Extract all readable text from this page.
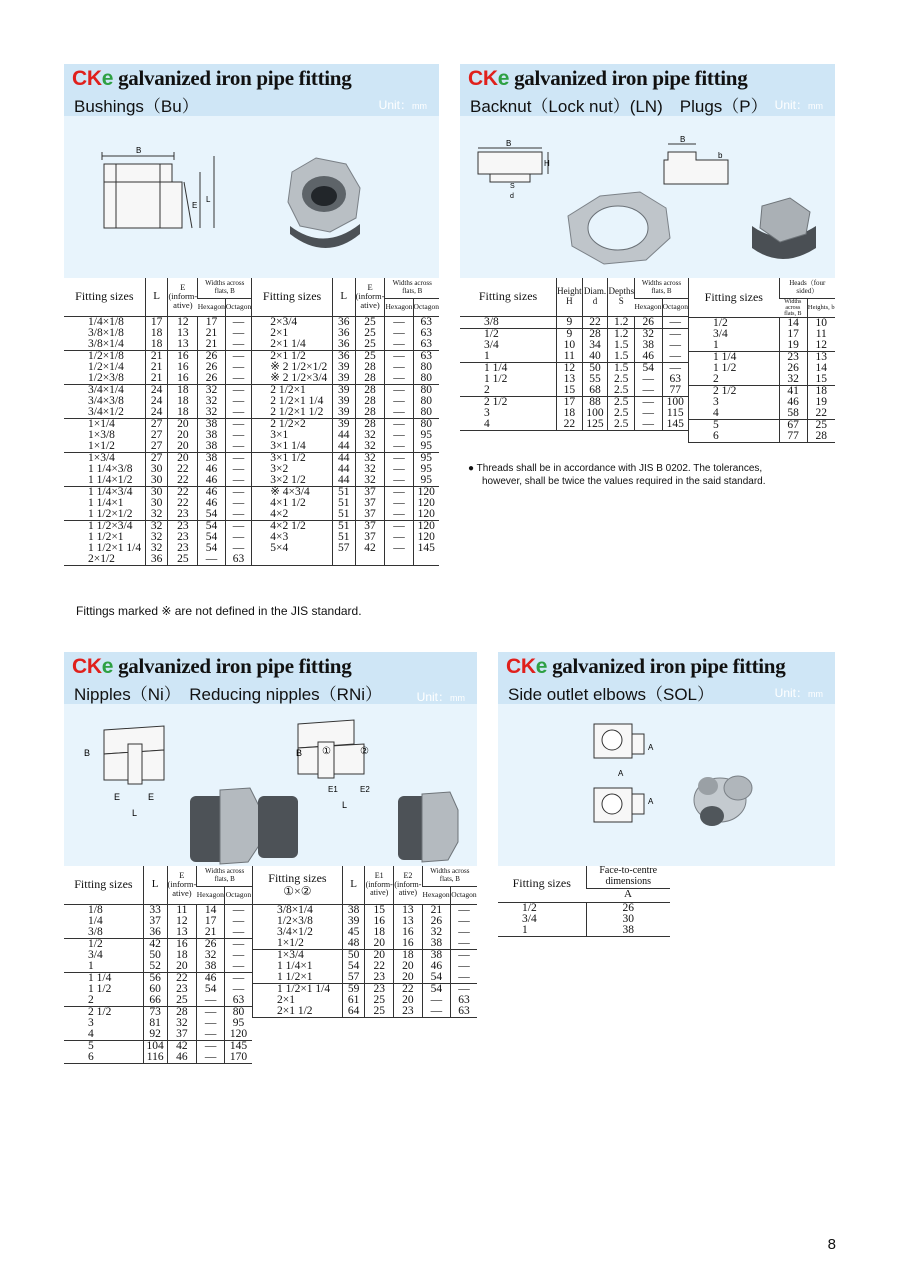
CKe galvanized iron pipe fitting
Bushings（Bu）	Unit：mm
B
E
L
Fitting sizes	L	E (inform-ative)	Widths across flats, B		Fitting sizes	L	E (inform-ative)	Widths across flats, B	
			Hexagon	Octagon				Hexagon	Octagon
1/4×1/8	17	12	17	—	2×3/4	36	25	—	63
3/8×1/8	18	13	21	—	2×1	36	25	—	63
3/8×1/4	18	13	21	—	2×1 1/4	36	25	—	63
1/2×1/8	21	16	26	—	2×1 1/2	36	25	—	63
1/2×1/4	21	16	26	—	※ 2 1/2×1/2	39	28	—	80
1/2×3/8	21	16	26	—	※ 2 1/2×3/4	39	28	—	80
3/4×1/4	24	18	32	—	2 1/2×1	39	28	—	80
3/4×3/8	24	18	32	—	2 1/2×1 1/4	39	28	—	80
3/4×1/2	24	18	32	—	2 1/2×1 1/2	39	28	—	80
1×1/4	27	20	38	—	2 1/2×2	39	28	—	80
1×3/8	27	20	38	—	3×1	44	32	—	95
1×1/2	27	20	38	—	3×1 1/4	44	32	—	95
1×3/4	27	20	38	—	3×1 1/2	44	32	—	95
1 1/4×3/8	30	22	46	—	3×2	44	32	—	95
1 1/4×1/2	30	22	46	—	3×2 1/2	44	32	—	95
1 1/4×3/4	30	22	46	—	※ 4×3/4	51	37	—	120
1 1/4×1	30	22	46	—	4×1 1/2	51	37	—	120
1 1/2×1/2	32	23	54	—	4×2	51	37	—	120
1 1/2×3/4	32	23	54	—	4×2 1/2	51	37	—	120
1 1/2×1	32	23	54	—	4×3	51	37	—	120
1 1/2×1 1/4	32	23	54	—	5×4	57	42	—	145
2×1/2	36	25	—	63					
Fittings marked ※ are not defined in the JIS standard.
CKe galvanized iron pipe fitting
Backnut（Lock nut）(LN)　Plugs（P） Unit：mm
B
H
S
d
B
b
Fitting sizes	Height H	Diam. d	Depths S	Widths across flats, B	
				Hexagon	Octagon
3/8	9	22	1.2	26	—
1/2	9	28	1.2	32	—
3/4	10	34	1.5	38	—
1	11	40	1.5	46	—
1 1/4	12	50	1.5	54	—
1 1/2	13	55	2.5	—	63
2	15	68	2.5	—	77
2 1/2	17	88	2.5	—	100
3	18	100	2.5	—	115
4	22	125	2.5	—	145
Fitting sizes	Heads（four sided）	
	Widths across flats, B	Heights, b
1/2	14	10
3/4	17	11
1	19	12
1 1/4	23	13
1 1/2	26	14
2	32	15
2 1/2	41	18
3	46	19
4	58	22
5	67	25
6	77	28
● Threads shall be in accordance with JIS B 0202. The tolerances,
however, shall be twice the values required in the said standard.
CKe galvanized iron pipe fitting
Nipples（Ni）　Reducing nipples（RNi）	Unit：mm
B
E	E
L
B ①	②
E1	E2
L
Fitting sizes	L	E (inform-ative)	Widths across flats, B	
			Hexagon	Octagon
1/8	33	11	14	—
1/4	37	12	17	—
3/8	36	13	21	—
1/2	42	16	26	—
3/4	50	18	32	—
1	52	20	38	—
1 1/4	56	22	46	—
1 1/2	60	23	54	—
2	66	25	—	63
2 1/2	73	28	—	80
3	81	32	—	95
4	92	37	—	120
5	104	42	—	145
6	116	46	—	170
Fitting sizes ①×②	L	E1 (inform-ative)	E2 (inform-ative)	Widths across flats, B	
				Hexagon	Octagon
3/8×1/4	38	15	13	21	—
1/2×3/8	39	16	13	26	—
3/4×1/2	45	18	16	32	—
1×1/2	48	20	16	38	—
1×3/4	50	20	18	38	—
1 1/4×1	54	22	20	46	—
1 1/2×1	57	23	20	54	—
1 1/2×1 1/4	59	23	22	54	—
2×1	61	25	20	—	63
2×1 1/2	64	25	23	—	63
CKe galvanized iron pipe fitting
Side outlet elbows（SOL）	Unit：mm
A
A
A
Fitting sizes	Face-to-centre dimensions
	A
1/2	26
3/4	30
1	38
8
